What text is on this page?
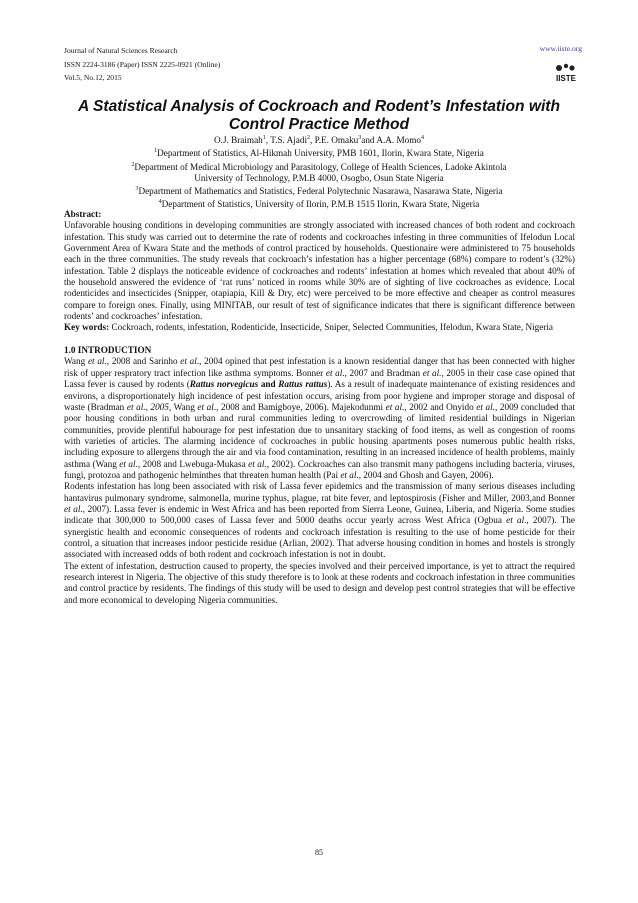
Journal of Natural Sciences Research
ISSN 2224-3186 (Paper) ISSN 2225-0921 (Online)
Vol.5, No.12, 2015
www.iiste.org
IISTE
A Statistical Analysis of Cockroach and Rodent’s Infestation with Control Practice Method
O.J. Braimah$^1$, T.S. Ajadi$^2$, P.E. Omaku$^3$and A.A. Momo$^4$
$^1$Department of Statistics, Al-Hikmah University, PMB 1601, Ilorin, Kwara State, Nigeria
$^2$Department of Medical Microbiology and Parasitology, College of Health Sciences, Ladoke Akintola
University of Technology, P.M.B 4000, Osogbo, Osun State Nigeria
$^3$Department of Mathematics and Statistics, Federal Polytechnic Nasarawa, Nasarawa State, Nigeria
$^4$Department of Statistics, University of Ilorin, P.M.B 1515 Ilorin, Kwara State, Nigeria

Abstract:

Unfavorable housing conditions in developing communities are strongly associated with increased chances of both rodent and cockroach infestation. This study was carried out to determine the rate of rodents and cockroaches infesting in three communities of Ifelodun Local Government Area of Kwara State and the methods of control practiced by households. Questionaire were administered to 75 households each in the three communities. The study reveals that cockroach’s infestation has a higher percentage (68%) compare to rodent’s (32%) infestation. Table 2 displays the noticeable evidence of cockroaches and rodents’ infestation at homes which revealed that about 40% of the household answered the evidence of ‘rat runs’ noticed in rooms while 30% are of sighting of live cockroaches as evidence. Local rodenticides and insecticides (Snipper, otapiapia, Kill & Dry, etc) were perceived to be more effective and cheaper as control measures compare to foreign ones. Finally, using MINITAB, our result of test of significance indicates that there is significant difference between rodents’ and cockroaches’ infestation.

Key words: Cockroach, rodents, infestation, Rodenticide, Insecticide, Sniper, Selected Communities, Ifelodun, Kwara State, Nigeria

1.0 INTRODUCTION

Wang et al., 2008 and Sarinho et al., 2004 opined that pest infestation is a known residential danger that has been connected with higher risk of upper respratory tract infection like asthma symptoms. Bonner et al., 2007 and Bradman et al., 2005 in their case case opined that Lassa fever is caused by rodents (Rattus norvegicus and Rattus rattus). As a result of inadequate maintenance of existing residences and environs, a disproportionately high incidence of pest infestation occurs, arising from poor hygiene and improper storage and disposal of waste (Bradman et al., 2005, Wang et al., 2008 and Bamigboye, 2006). Majekodunmi et al., 2002 and Onyido et al., 2009 concluded that poor housing conditions in both urban and rural communities leding to overcrowding of limited residential buildings in Nigerian communities, provide plentiful habourage for pest infestation due to unsanitary stacking of food items, as well as congestion of rooms with varieties of articles. The alarming incidence of cockroaches in public housing apartments poses numerous public health risks, including exposure to allergens through the air and via food contamination, resulting in an increased incidence of health problems, mainly asthma (Wang et al., 2008 and Lwebuga-Mukasa et al., 2002). Cockroaches can also transmit many pathogens including bacteria, viruses, fungi, protozoa and pathogenic helminthes that threaten human health (Pai et al., 2004 and Ghosh and Gayen, 2006).

Rodents infestation has long been associated with risk of Lassa fever epidemics and the transmission of many serious diseases including hantavirus pulmonary syndrome, salmonella, murine typhus, plague, rat bite fever, and leptospirosis (Fisher and Miller, 2003,and Bonner et al., 2007). Lassa fever is endemic in West Africa and has been reported from Sierra Leone, Guinea, Liberia, and Nigeria. Some studies indicate that 300,000 to 500,000 cases of Lassa fever and 5000 deaths occur yearly across West Africa (Ogbua et al., 2007). The synergistic health and economic consequences of rodents and cockroach infestation is resulting to the use of home pesticide for their control, a situation that increases indoor pesticide residue (Arlian, 2002). That adverse housing condition in homes and hostels is strongly associated with increased odds of both rodent and cockroach infestation is not in doubt.

The extent of infestation, destruction caused to property, the species involved and their perceived importance, is yet to attract the required research interest in Nigeria. The objective of this study therefore is to look at these rodents and cockroach infestation in three communities and control practice by residents. The findings of this study will be used to design and develop pest control strategies that will be effective and more economical to developing Nigeria communities.

85
